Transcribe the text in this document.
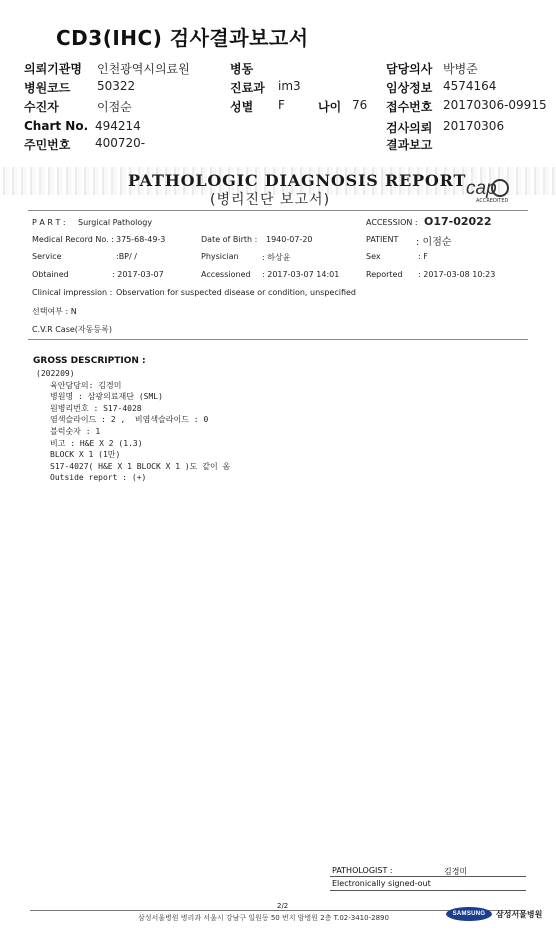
CD3(IHC) 검사결과보고서
의뢰기관명 인천광역시의료원	병동	담당의사 박병준
병원코드 50322	진료과 im3	임상정보 4574164
수진자	이점순	성별 F	나이 76 접수번호 20170306-09915
Chart No. 494214	검사의뢰 20170306
주민번호 400720-	결과보고
PATHOLOGIC DIAGNOSIS REPORT
(병리진단 보고서)
cap
ACCREDITED
P A R T : Surgical Pathology	ACCESSION : O17-02022
Medical Record No. : 375-68-49-3	Date of Birth : 1940-07-20	PATIENT : 이점순
Service	:BP/ /	Physician	: 하상윤	Sex	: F
Obtained	: 2017-03-07	Accessioned : 2017-03-07 14:01	Reported : 2017-03-08 10:23
Clinical impression : Observation for suspected disease or condition, unspecified
선택여부 : N
C.V.R Case(자동등록)
GROSS DESCRIPTION :
(202209)
육안담당의: 김경미
병원명 : 삼광의료재단 (SML)
원병리번호 : S17-4028
염색슬라이드 : 2 ,  비염색슬라이드 : 0
블럭숫자 : 1
비고 : H&E X 2 (1.3)
BLOCK X 1 (1만)
S17-4027( H&E X 1 BLOCK X 1 )도 같이 옴
Outside report : (+)
PATHOLOGIST :	김경미
Electronically signed-out
2/2
삼성서울병원 병리과 서울시 강남구 일원동 50 번지 암병원 2층 T.02-3410-2890	SAMSUNG	삼성서울병원
